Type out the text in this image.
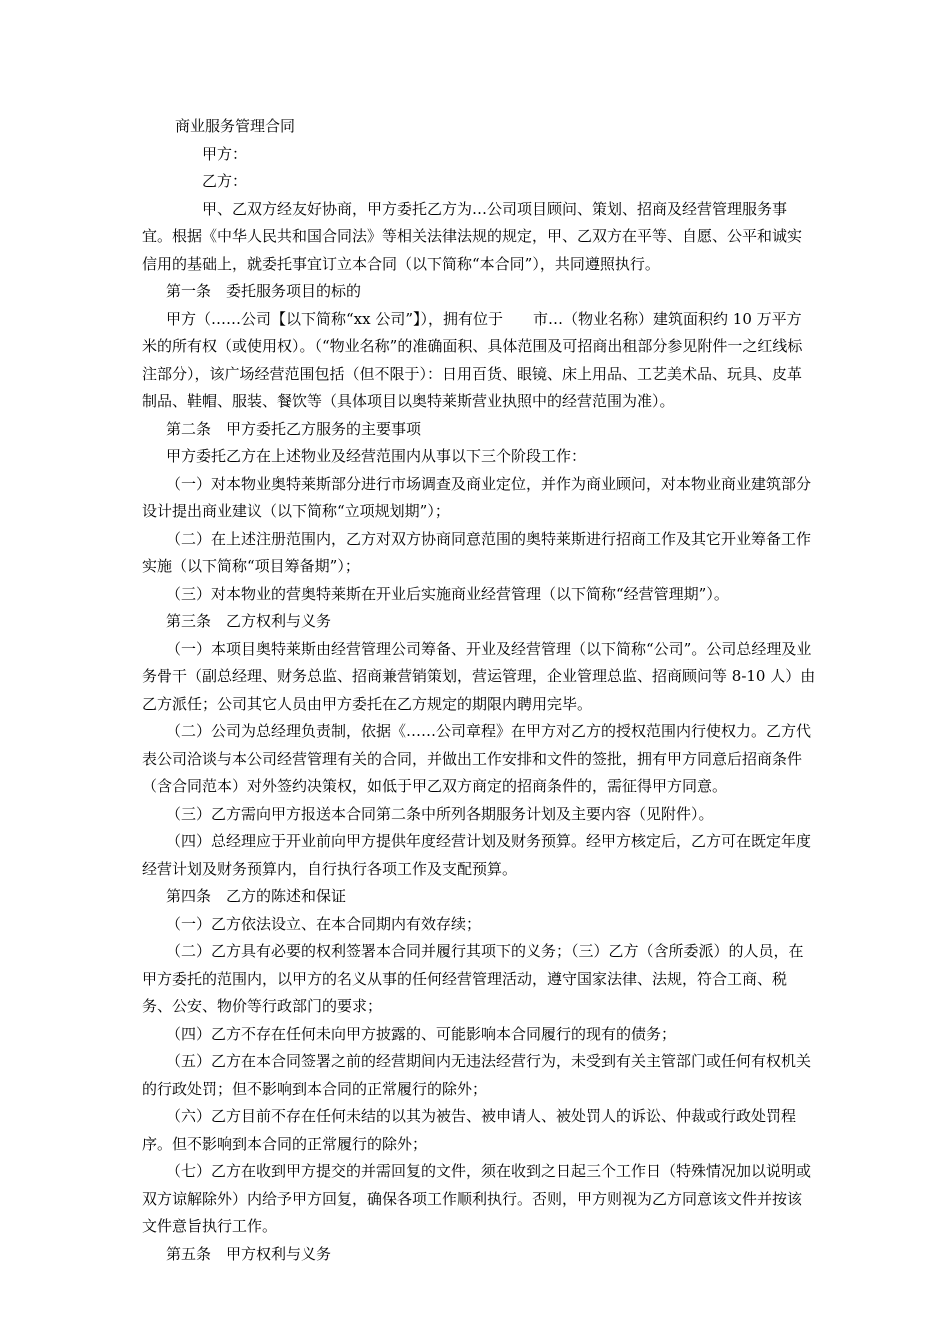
商业服务管理合同

甲方：

乙方：

甲、乙双方经友好协商，甲方委托乙方为…公司项目顾问、策划、招商及经营管理服务事宜。根据《中华人民共和国合同法》等相关法律法规的规定，甲、乙双方在平等、自愿、公平和诚实信用的基础上，就委托事宜订立本合同（以下简称“本合同”），共同遵照执行。

第一条　委托服务项目的标的

甲方（……公司【以下简称“xx 公司”】），拥有位于　　市…（物业名称）建筑面积约 10 万平方米的所有权（或使用权）。（“物业名称”的准确面积、具体范围及可招商出租部分参见附件一之红线标注部分），该广场经营范围包括（但不限于）：日用百货、眼镜、床上用品、工艺美术品、玩具、皮革制品、鞋帽、服装、餐饮等（具体项目以奥特莱斯营业执照中的经营范围为准）。

第二条　甲方委托乙方服务的主要事项

甲方委托乙方在上述物业及经营范围内从事以下三个阶段工作：

（一）对本物业奥特莱斯部分进行市场调查及商业定位，并作为商业顾问，对本物业商业建筑部分设计提出商业建议（以下简称“立项规划期”）；

（二）在上述注册范围内，乙方对双方协商同意范围的奥特莱斯进行招商工作及其它开业筹备工作实施（以下简称“项目筹备期”）；

（三）对本物业的营奥特莱斯在开业后实施商业经营管理（以下简称“经营管理期”）。

第三条　乙方权利与义务

（一）本项目奥特莱斯由经营管理公司筹备、开业及经营管理（以下简称“公司”。公司总经理及业务骨干（副总经理、财务总监、招商兼营销策划，营运管理，企业管理总监、招商顾问等 8-10 人）由乙方派任；公司其它人员由甲方委托在乙方规定的期限内聘用完毕。

（二）公司为总经理负责制，依据《……公司章程》在甲方对乙方的授权范围内行使权力。乙方代表公司洽谈与本公司经营管理有关的合同，并做出工作安排和文件的签批，拥有甲方同意后招商条件（含合同范本）对外签约决策权，如低于甲乙双方商定的招商条件的，需征得甲方同意。

（三）乙方需向甲方报送本合同第二条中所列各期服务计划及主要内容（见附件）。

（四）总经理应于开业前向甲方提供年度经营计划及财务预算。经甲方核定后，乙方可在既定年度经营计划及财务预算内，自行执行各项工作及支配预算。

第四条　乙方的陈述和保证

（一）乙方依法设立、在本合同期内有效存续；

（二）乙方具有必要的权利签署本合同并履行其项下的义务；（三）乙方（含所委派）的人员，在甲方委托的范围内，以甲方的名义从事的任何经营管理活动，遵守国家法律、法规，符合工商、税务、公安、物价等行政部门的要求；

（四）乙方不存在任何未向甲方披露的、可能影响本合同履行的现有的债务；

（五）乙方在本合同签署之前的经营期间内无违法经营行为，未受到有关主管部门或任何有权机关的行政处罚；但不影响到本合同的正常履行的除外；

（六）乙方目前不存在任何未结的以其为被告、被申请人、被处罚人的诉讼、仲裁或行政处罚程序。但不影响到本合同的正常履行的除外；

（七）乙方在收到甲方提交的并需回复的文件，须在收到之日起三个工作日（特殊情况加以说明或双方谅解除外）内给予甲方回复，确保各项工作顺利执行。否则，甲方则视为乙方同意该文件并按该文件意旨执行工作。

第五条　甲方权利与义务
